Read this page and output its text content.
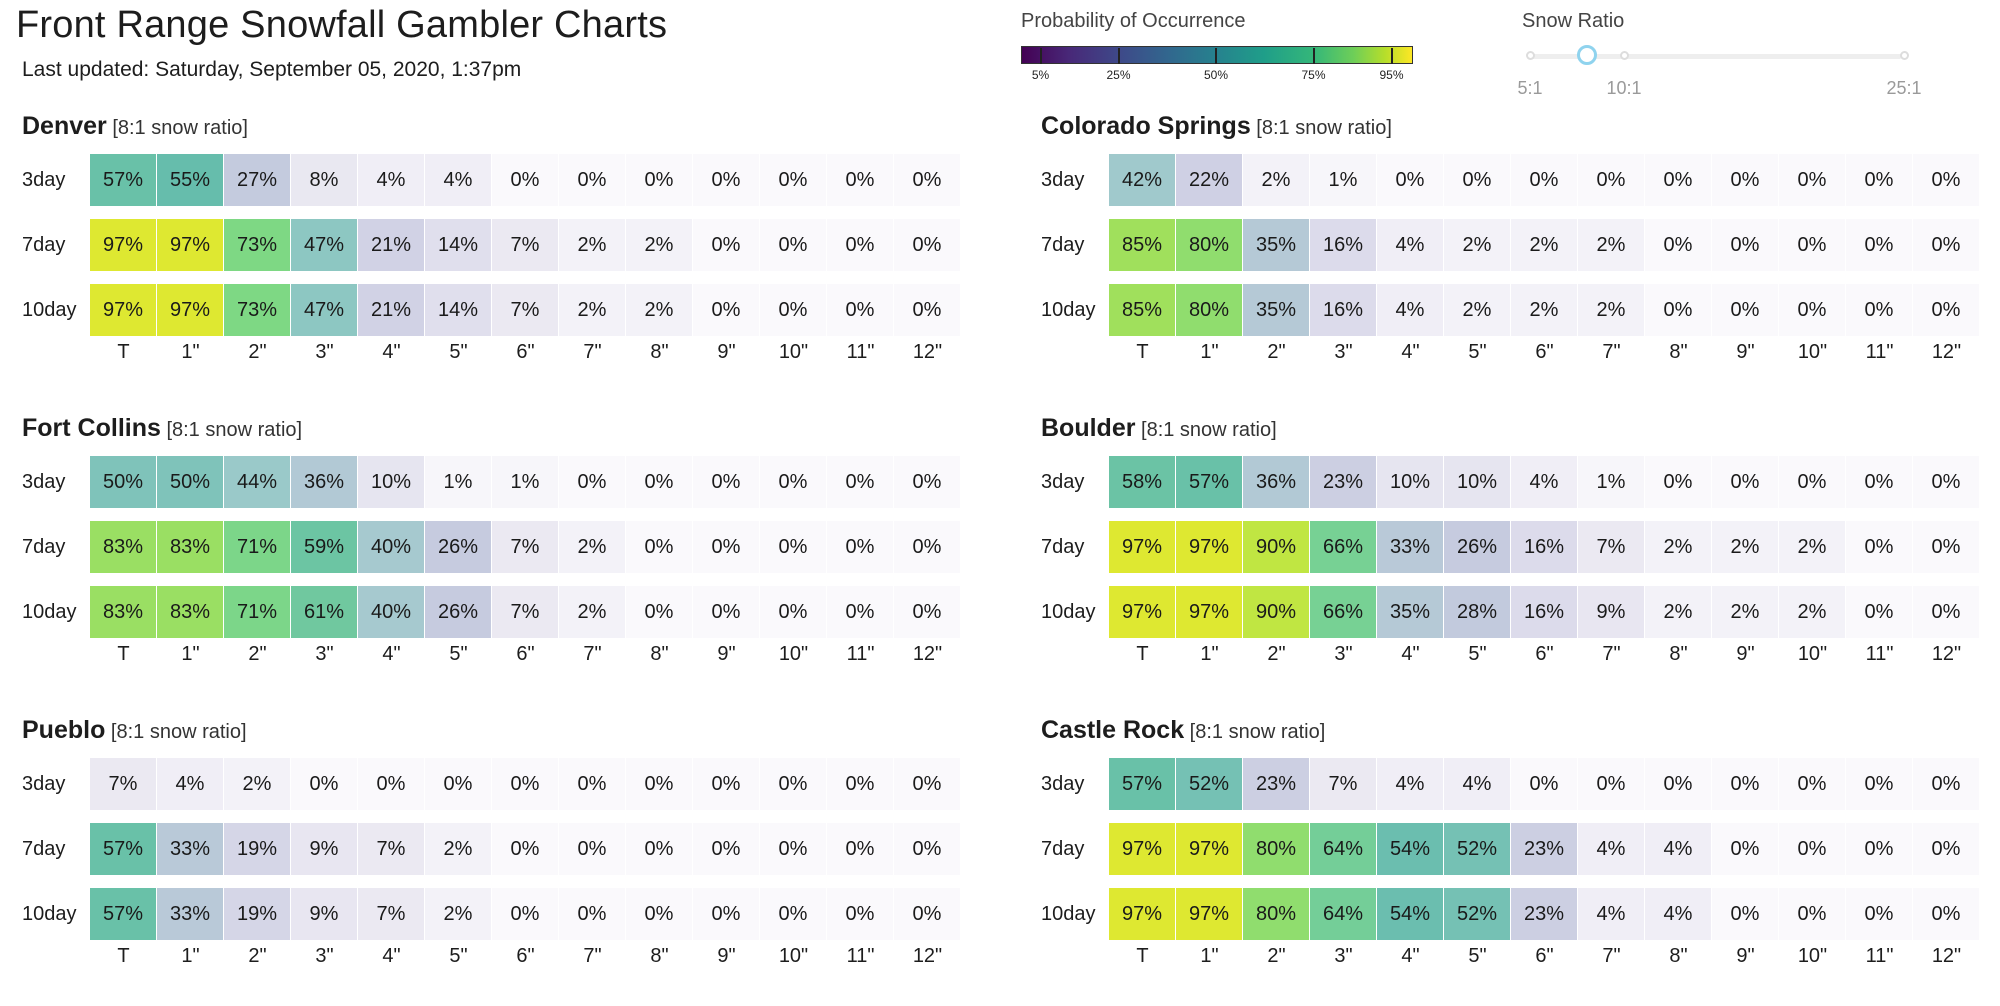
Front Range Snowfall Gambler Charts
Last updated: Saturday, September 05, 2020, 1:37pm
Probability of Occurrence
5%	25%	50%	75%	95%
Snow Ratio
5:1	10:1	25:1
Denver [8:1 snow ratio]
3day	57%	55%	27%	8%	4%	4%	0%	0%	0%	0%	0%	0%	0%
7day	97%	97%	73%	47%	21%	14%	7%	2%	2%	0%	0%	0%	0%
10day	97%	97%	73%	47%	21%	14%	7%	2%	2%	0%	0%	0%	0%
T	1"	2"	3"	4"	5"	6"	7"	8"	9"	10"	11"	12"
Colorado Springs [8:1 snow ratio]
3day	42%	22%	2%	1%	0%	0%	0%	0%	0%	0%	0%	0%	0%
7day	85%	80%	35%	16%	4%	2%	2%	2%	0%	0%	0%	0%	0%
10day	85%	80%	35%	16%	4%	2%	2%	2%	0%	0%	0%	0%	0%
T	1"	2"	3"	4"	5"	6"	7"	8"	9"	10"	11"	12"
Fort Collins [8:1 snow ratio]
3day	50%	50%	44%	36%	10%	1%	1%	0%	0%	0%	0%	0%	0%
7day	83%	83%	71%	59%	40%	26%	7%	2%	0%	0%	0%	0%	0%
10day	83%	83%	71%	61%	40%	26%	7%	2%	0%	0%	0%	0%	0%
T	1"	2"	3"	4"	5"	6"	7"	8"	9"	10"	11"	12"
Boulder [8:1 snow ratio]
3day	58%	57%	36%	23%	10%	10%	4%	1%	0%	0%	0%	0%	0%
7day	97%	97%	90%	66%	33%	26%	16%	7%	2%	2%	2%	0%	0%
10day	97%	97%	90%	66%	35%	28%	16%	9%	2%	2%	2%	0%	0%
T	1"	2"	3"	4"	5"	6"	7"	8"	9"	10"	11"	12"
Pueblo [8:1 snow ratio]
3day	7%	4%	2%	0%	0%	0%	0%	0%	0%	0%	0%	0%	0%
7day	57%	33%	19%	9%	7%	2%	0%	0%	0%	0%	0%	0%	0%
10day	57%	33%	19%	9%	7%	2%	0%	0%	0%	0%	0%	0%	0%
T	1"	2"	3"	4"	5"	6"	7"	8"	9"	10"	11"	12"
Castle Rock [8:1 snow ratio]
3day	57%	52%	23%	7%	4%	4%	0%	0%	0%	0%	0%	0%	0%
7day	97%	97%	80%	64%	54%	52%	23%	4%	4%	0%	0%	0%	0%
10day	97%	97%	80%	64%	54%	52%	23%	4%	4%	0%	0%	0%	0%
T	1"	2"	3"	4"	5"	6"	7"	8"	9"	10"	11"	12"
